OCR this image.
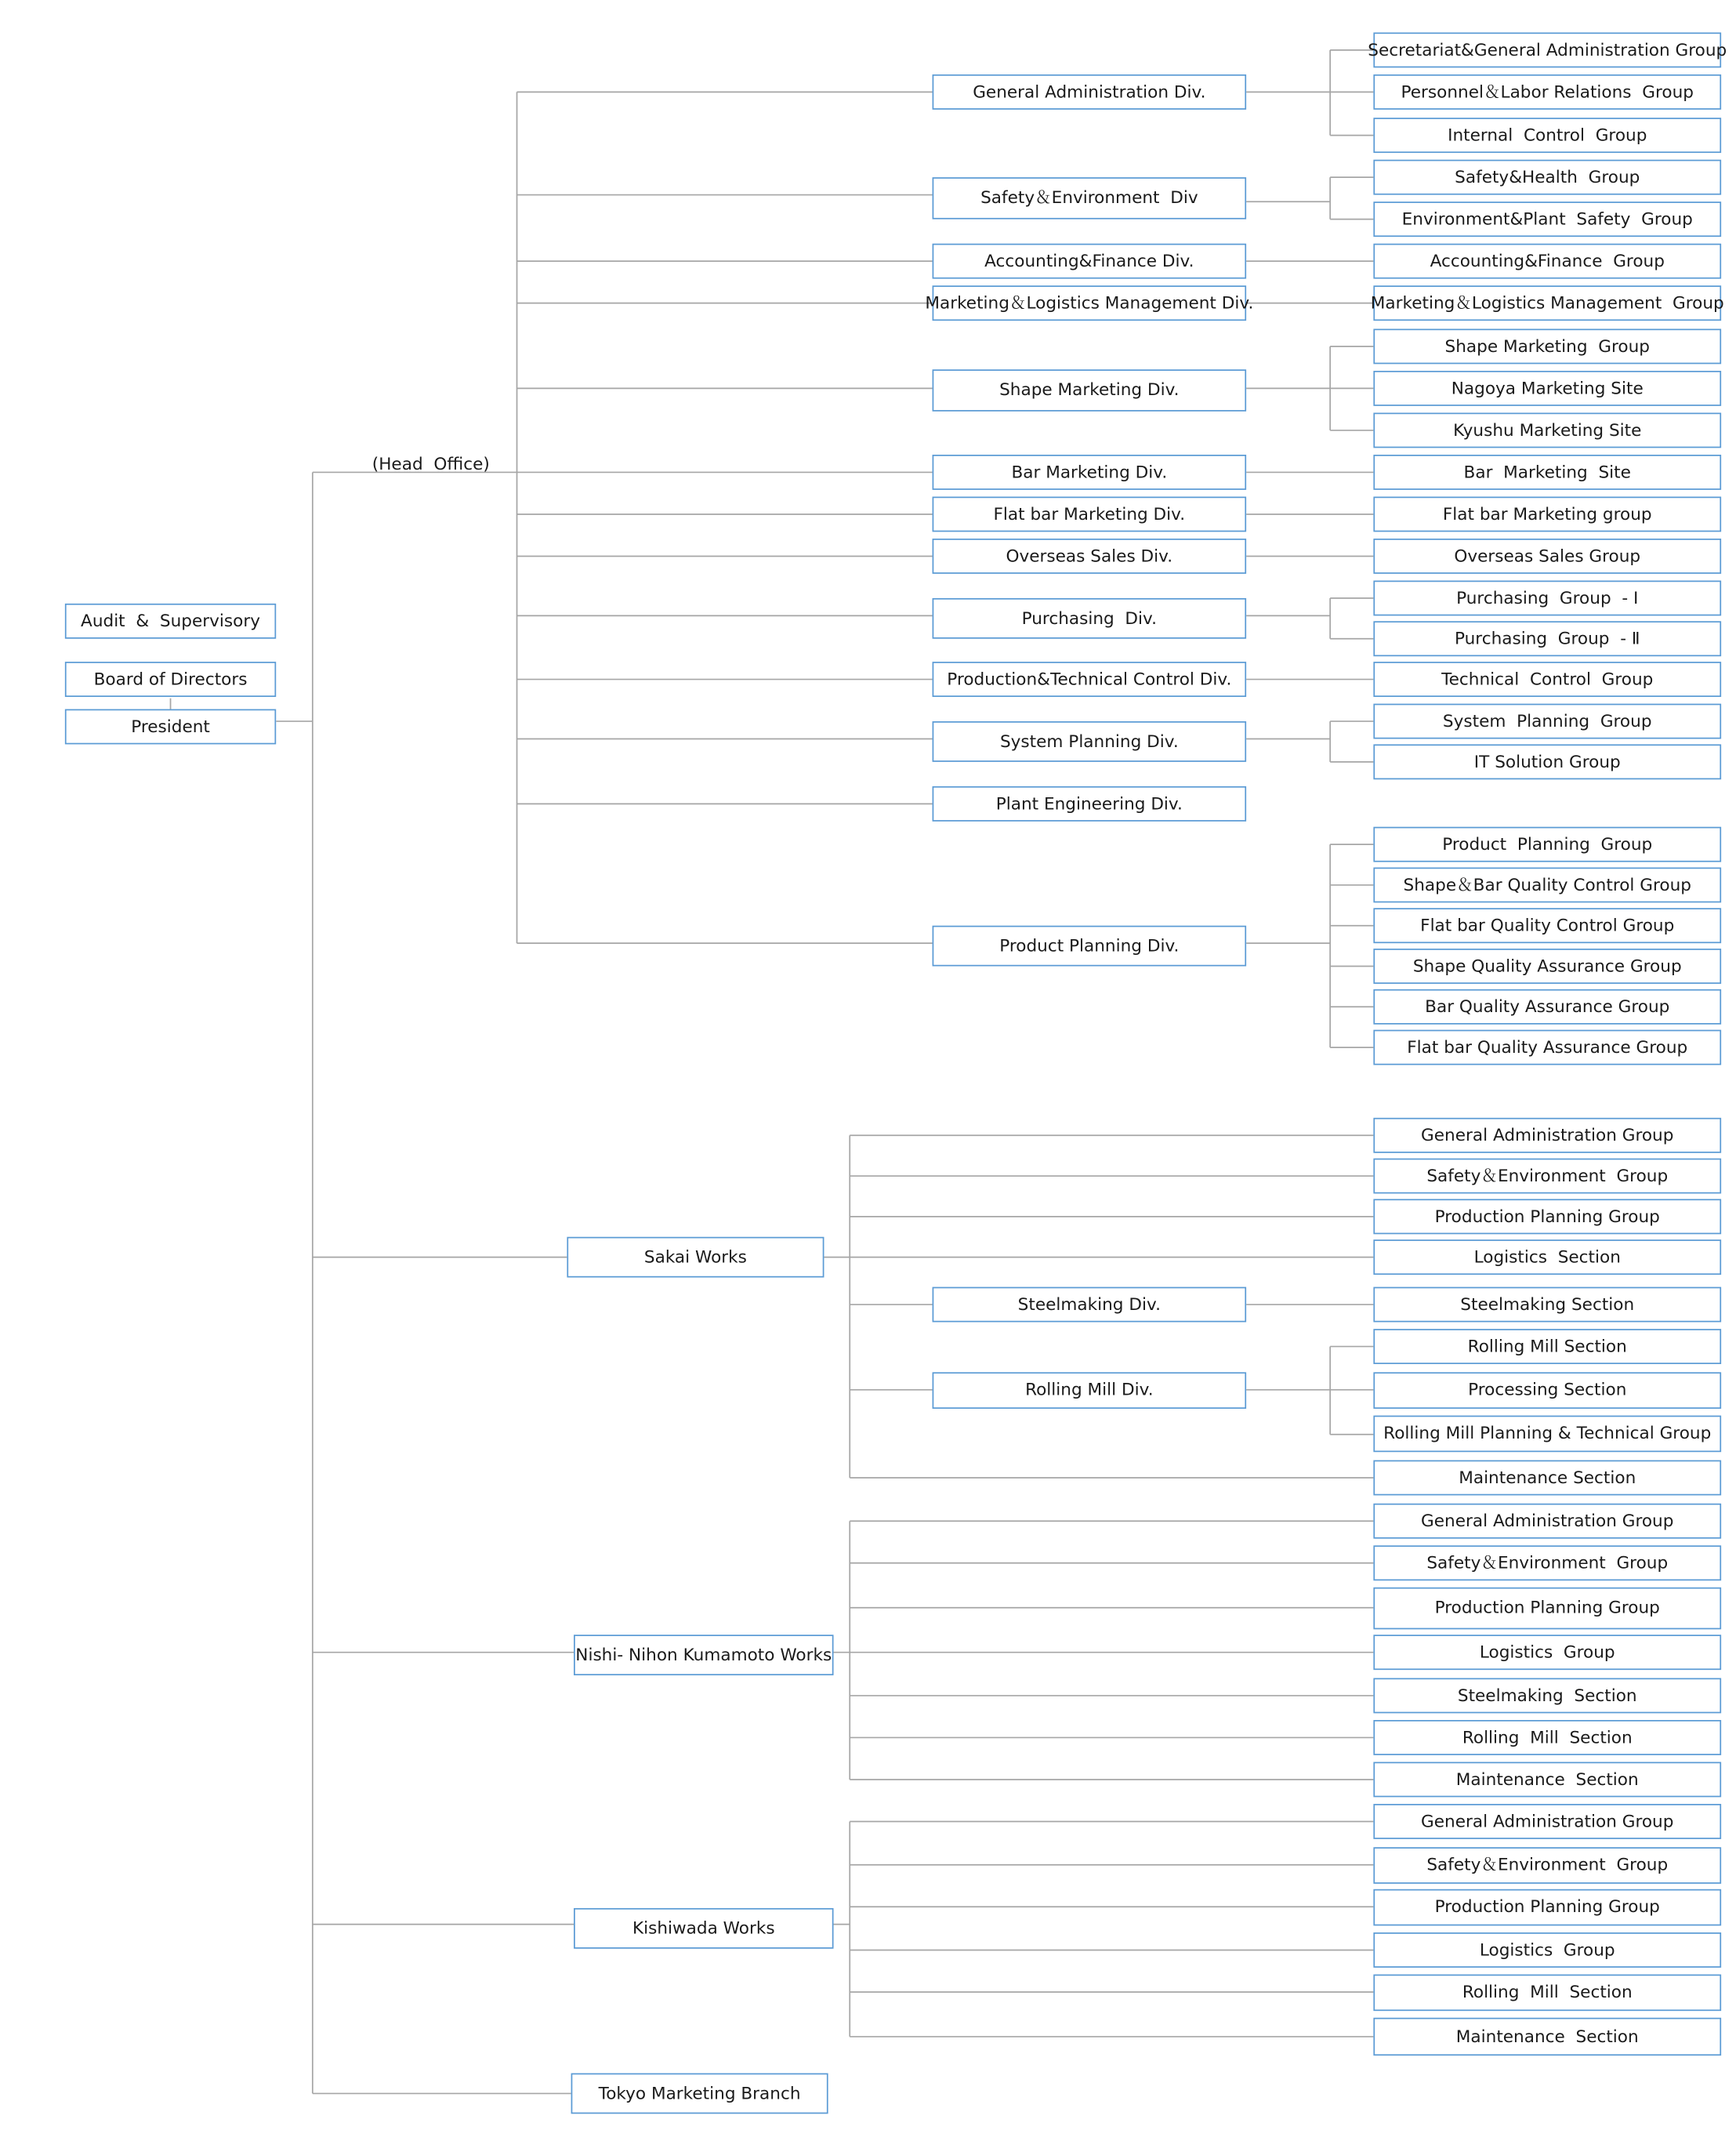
(Head  Office)
Audit  &  Supervisory
Board of Directors
President
General Administration Div.
Safety＆Environment  Div
Accounting&Finance Div.
Marketing＆Logistics Management Div.
Shape Marketing Div.
Bar Marketing Div.
Flat bar Marketing Div.
Overseas Sales Div.
Purchasing  Div.
Production&Technical Control Div.
System Planning Div.
Plant Engineering Div.
Product Planning Div.
Secretariat&General Administration Group
Personnel＆Labor Relations  Group
Internal  Control  Group
Safety&Health  Group
Environment&Plant  Safety  Group
Accounting&Finance  Group
Marketing＆Logistics Management  Group
Shape Marketing  Group
Nagoya Marketing Site
Kyushu Marketing Site
Bar  Marketing  Site
Flat bar Marketing group
Overseas Sales Group
Purchasing  Group  - Ⅰ
Purchasing  Group  - Ⅱ
Technical  Control  Group
System  Planning  Group
IT Solution Group
Product  Planning  Group
Shape＆Bar Quality Control Group
Flat bar Quality Control Group
Shape Quality Assurance Group
Bar Quality Assurance Group
Flat bar Quality Assurance Group
Sakai Works
Steelmaking Div.
Rolling Mill Div.
General Administration Group
Safety＆Environment  Group
Production Planning Group
Logistics  Section
Steelmaking Section
Rolling Mill Section
Processing Section
Rolling Mill Planning & Technical Group
Maintenance Section
Nishi- Nihon Kumamoto Works
General Administration Group
Safety＆Environment  Group
Production Planning Group
Logistics  Group
Steelmaking  Section
Rolling  Mill  Section
Maintenance  Section
Kishiwada Works
General Administration Group
Safety＆Environment  Group
Production Planning Group
Logistics  Group
Rolling  Mill  Section
Maintenance  Section
Tokyo Marketing Branch
